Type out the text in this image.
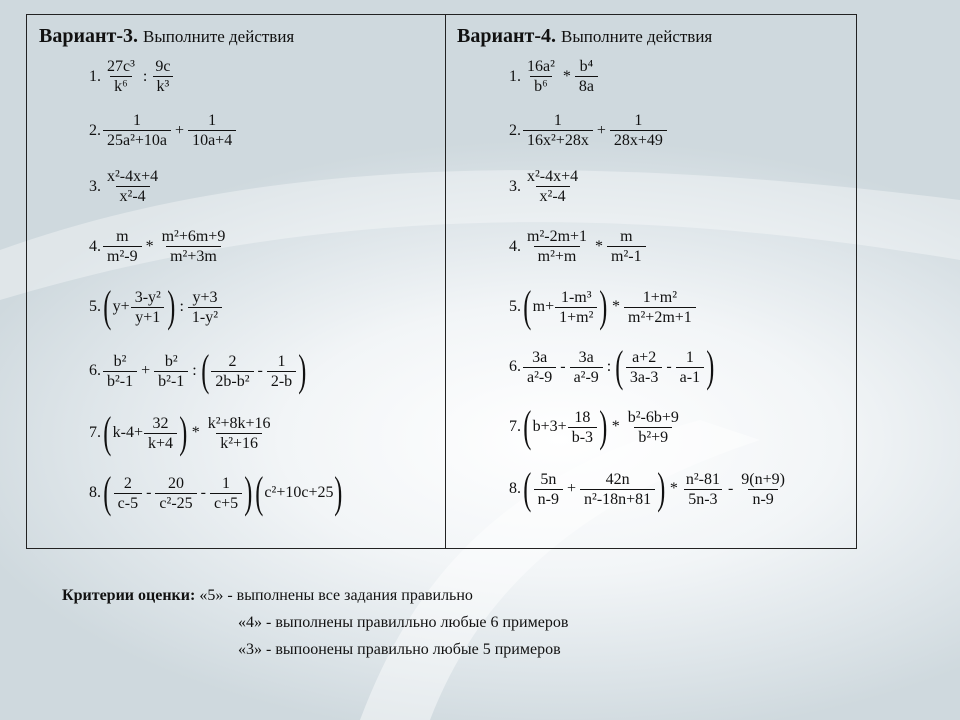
Вариант-3. Выполните действия
1. $\frac{\text{27c³}}{\text{k⁶}}$ : $\frac{9c}{\text{k³}}$
2. $\frac{1}{\text{25a²+10a}} + \frac{1}{10a+4}$
3. $\frac{\text{x²-4x+4}}{\text{x²-4}}$
4. $\frac{m}{\text{m²-9}} * \frac{\text{m²+6m+9}}{\text{m²+3m}}$
5. ( $y+ \frac{\text{3-y²}}{y+1}$ ) : $\frac{y+3}{\text{1-y²}}$
6. $\frac{\text{b²}}{\text{b²-1}} + \frac{\text{b²}}{\text{b²-1}}$ : ( $\frac{2}{\text{2b-b²}} - \frac{1}{2-b}$ )
7. ( $k-4+ \frac{32}{k+4}$ ) * $\frac{\text{k²+8k+16}}{\text{k²+16}}$
8. ( $\frac{2}{c-5} - \frac{20}{\text{c²-25}} - \frac{1}{c+5}$ ) ( c²+10c+25 )
Вариант-4. Выполните действия
1. $\frac{\text{16a²}}{\text{b⁶}} * \frac{\text{b⁴}}{8a}$
2. $\frac{1}{\text{16x²+28x}} + \frac{1}{28x+49}$
3. $\frac{\text{x²-4x+4}}{\text{x²-4}}$
4. $\frac{\text{m²-2m+1}}{\text{m²+m}} * \frac{m}{\text{m²-1}}$
5. ( $m+ \frac{\text{1-m³}}{\text{1+m²}}$ ) * $\frac{\text{1+m²}}{\text{m²+2m+1}}$
6. $\frac{3a}{\text{a²-9}} - \frac{3a}{\text{a²-9}}$ : ( $\frac{a+2}{3a-3} - \frac{1}{a-1}$ )
7. ( $b+3+ \frac{18}{b-3}$ ) * $\frac{\text{b²-6b+9}}{\text{b²+9}}$
8. ( $\frac{5n}{n-9} + \frac{42n}{\text{n²-18n+81}}$ ) * $\frac{\text{n²-81}}{5n-3} - \frac{9(n+9)}{n-9}$
Критерии оценки: «5» - выполнены все задания правильно
«4» - выполнены правилльно любые 6 примеров
«3» - выпоонены правильно любые 5 примеров
